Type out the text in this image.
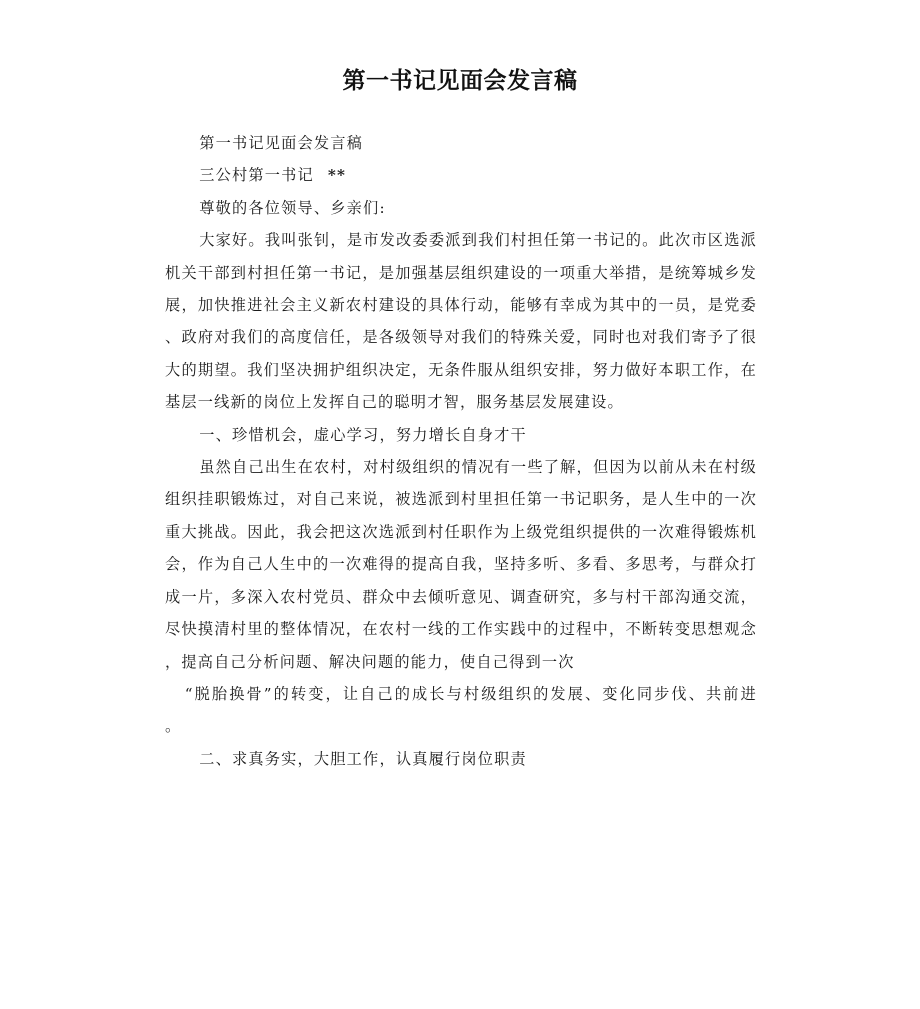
第一书记见面会发言稿

第一书记见面会发言稿

三公村第一书记 **

尊敬的各位领导、乡亲们:

大家好。我叫张钊，是市发改委委派到我们村担任第一书记的。此次市区选派
机关干部到村担任第一书记，是加强基层组织建设的一项重大举措，是统筹城乡发
展，加快推进社会主义新农村建设的具体行动，能够有幸成为其中的一员，是党委
、政府对我们的高度信任，是各级领导对我们的特殊关爱，同时也对我们寄予了很
大的期望。我们坚决拥护组织决定，无条件服从组织安排，努力做好本职工作，在
基层一线新的岗位上发挥自己的聪明才智，服务基层发展建设。

一、珍惜机会，虚心学习，努力增长自身才干

虽然自己出生在农村，对村级组织的情况有一些了解，但因为以前从未在村级
组织挂职锻炼过，对自己来说，被选派到村里担任第一书记职务，是人生中的一次
重大挑战。因此，我会把这次选派到村任职作为上级党组织提供的一次难得锻炼机
会，作为自己人生中的一次难得的提高自我，坚持多听、多看、多思考，与群众打
成一片，多深入农村党员、群众中去倾听意见、调查研究，多与村干部沟通交流，
尽快摸清村里的整体情况，在农村一线的工作实践中的过程中，不断转变思想观念
，提高自己分析问题、解决问题的能力，使自己得到一次

“脱胎换骨”的转变，让自己的成长与村级组织的发展、变化同步伐、共前进
。

二、求真务实，大胆工作，认真履行岗位职责
